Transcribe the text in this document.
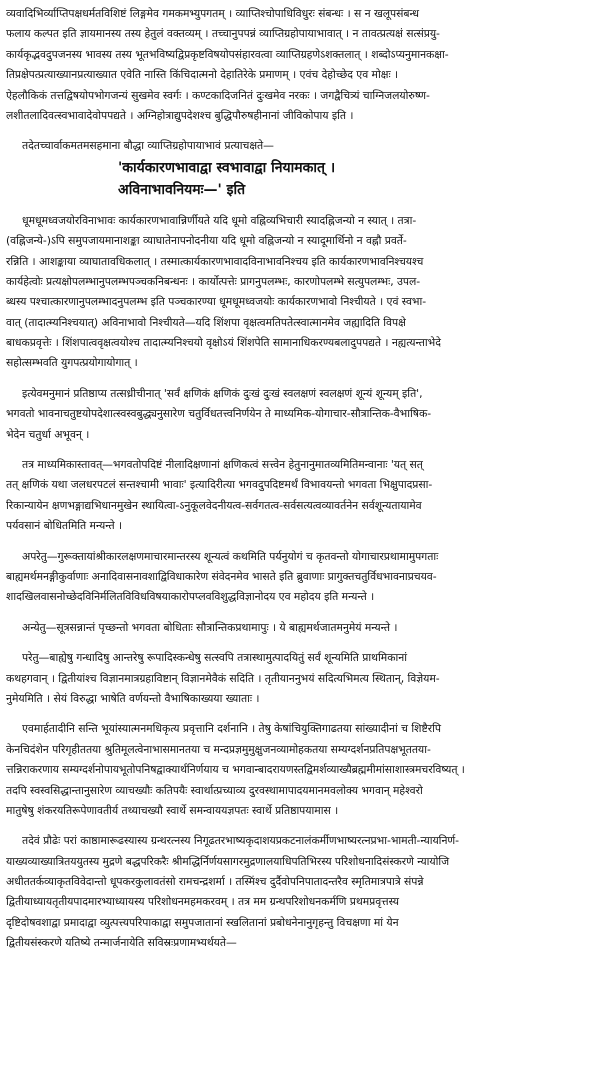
व्यवादिभिर्व्याप्तिपक्षधर्मतविशिष्टं लिङ्गमेव गमकमभ्युपगतम् । व्याप्तिश्चोपाधिविधुरः संबन्धः । स न खलूपसंबन्ध
फलाय कल्पत इति ज्ञायमानस्य तस्य हेतुलं वक्तव्यम् । तच्चानुपपन्नं व्याप्तिग्रहोपायाभावात् । न तावत्प्रत्यक्षं सत्संप्रयु-
कार्यकृद्भवदुपजनस्य भावस्य तस्य भूतभविष्यद्विप्रकृष्टविषयोपसंहारवत्वा व्याप्तिग्रहणेऽशक्तलात् । शब्दोऽप्यनुमानकक्षा-
तिप्रक्षेपत्प्रत्याख्यानप्रत्याख्यात एवेति नास्ति किंचिदात्मनो देहातिरेके प्रमाणम् । एवंच देहोच्छेद एव मोक्षः ।
ऐहलौकिकं तत्तद्विषयोपभोगजन्यं सुखमेव स्वर्गः । कण्टकादिजनितं दुःखमेव नरकः । जगद्वैचित्र्यं चाग्निजलयोरुष्ण-
लशीतलादिवत्स्वभावादेवोपपद्यते । अग्निहोत्राद्युपदेशश्च बुद्धिपौरुषहीनानां जीविकोपाय इति ।
तदेतच्चार्वाकमतमसहमाना बौद्धा व्याप्तिग्रहोपायाभावं प्रत्याचक्षते—
'कार्यकारणभावाद्वा स्वभावाद्वा नियामकात् ।
अविनाभावनियमः—' इति
धूमधूमध्वजयोरविनाभावः कार्यकारणभावान्निर्णीयते यदि धूमो वह्निव्यभिचारी स्यादह्निजन्यो न स्यात् । तत्रा-
(वह्निजन्ये-)ऽपि समुपजायमानाशङ्का व्याघातेनापनोदनीया यदि धूमो वह्निजन्यो न स्यादूमार्थिनो न वह्नौ प्रवर्ते-
रन्निति । आशङ्काया व्याघातावधिकलात् । तस्मात्कार्यकारणभावादविनाभावनिश्चय इति कार्यकारणभावनिश्चयश्च
कार्यहेत्वोः प्रत्यक्षोपलम्भानुपलम्भपञ्चकनिबन्धनः । कार्योत्पत्तेः प्रागनुपलम्भः, कारणोपलम्भे सत्युपलम्भः, उपल-
ब्धस्य पश्चात्कारणानुपलम्भादनुपलम्भ इति पञ्चकारण्या धूमधूमध्वजयोः कार्यकारणभावो निश्चीयते । एवं स्वभा-
वात् (तादात्म्यनिश्चयात्) अविनाभावो निश्चीयते—यदि शिंशपा वृक्षत्वमतिपतेत्स्वात्मानमेव जह्यादिति विपक्षे
बाधकप्रवृत्तेः । शिंशपात्ववृक्षत्वयोश्च तादात्म्यनिश्चयो वृक्षोऽयं शिंशपेति सामानाधिकरण्यबलादुपपद्यते । नह्यत्यन्ताभेदे
सहोत्सम्भवति युगपत्प्रयोगायोगात् ।
इत्येवमनुमानं प्रतिष्ठाप्य तत्सध्रीचीनात् 'सर्वं क्षणिकं क्षणिकं दुःखं दुःखं स्वलक्षणं स्वलक्षणं शून्यं शून्यम् इति',
भगवतो भावनाचतुष्टयोपदेशात्स्वस्वबुद्ध्यनुसारेण चतुर्विधतत्त्वनिर्णयेन ते माध्यमिक-योगाचार-सौत्रान्तिक-वैभाषिक-
भेदेन चतुर्धा अभूवन् ।
तत्र माध्यमिकास्तावत्—भगवतोपदिष्टं नीलादिक्षणानां क्षणिकत्वं सत्त्वेन हेतुनानुमातव्यमितिमन्वानाः 'यत् सत्
तत् क्षणिकं यथा जलधरपटलं सन्तश्चामी भावाः' इत्यादिरीत्या भगवदुपदिष्टमर्थं विभावयन्तो भगवता भिक्षुपादप्रसा-
रिकान्यायेन क्षणभङ्गाद्यभिधानमुखेन स्थायित्वा-ऽनुकूलवेदनीयत्व-सर्वगतत्व-सर्वसत्यत्वव्यावर्तनेन सर्वशून्यतायामेव
पर्यवसानं बोधितमिति मन्यन्ते ।
अपरेतु—गुरूक्तायांश्रीकारलक्षणमाचारमान्तरस्य शून्यत्वं कथमिति पर्यनुयोगं च कृतवन्तो योगाचारप्रथामामुपगताः
बाह्यमर्थमनङ्गीकुर्वाणाः अनादिवासनावशाद्विविधाकारेण संवेदनमेव भासते इति ब्रुवाणाः प्रागुक्तचतुर्विधभावनाप्रचयव-
शादखिलवासनोच्छेदविनिर्मलितविविधविषयाकारोपप्लवविशुद्धविज्ञानोदय एव महोदय इति मन्यन्ते ।
अन्येतु—सूत्रसन्नान्तं पृच्छन्तो भगवता बोधिताः सौत्रान्तिकप्रथामापुः । ये बाह्यमर्थजातमनुमेयं मन्यन्ते ।
परेतु—बाह्येषु गन्धादिषु आन्तरेषु रूपादिस्कन्धेषु सत्स्वपि तत्रास्थामुत्पादयितुं सर्वं शून्यमिति प्राथमिकानां
कथहगवान् । द्वितीयांश्च विज्ञानमात्रग्रहाविष्टान् विज्ञानमेवैकं सदिति । तृतीयाननुभयं सदित्यभिमत्य स्थितान्, विज्ञेयम-
नुमेयमिति । सेयं विरुद्धा भाषेति वर्णयन्तो वैभाषिकाख्यया ख्याताः ।
एवमार्हतादीनि सन्ति भूयांस्यात्मनमधिकृत्य प्रवृत्तानि दर्शनानि । तेषु केषांचियुक्तिगाढतया सांख्यादीनां च शिष्टैरपि
केनचिदंशेन परिगृहीततया श्रुतिमूलत्वेनाभासमानतया च मन्दप्रज्ञमुमुक्षुजनव्यामोहकतया सम्यग्दर्शनप्रतिपक्षभूततया-
त्तन्निराकरणाय सम्यग्दर्शनोपायभूतोपनिषद्वाक्यार्थनिर्णयाय च भगवान्बादरायणस्तद्विमर्शव्याख्यैब्रह्ममीमांसाशास्त्रमचरविष्यत् ।
तदपि स्वस्वसिद्धान्तानुसारेण व्याचख्यौः कतिपयैः स्वार्थात्प्रच्याव्य दुरवस्थामापादयमानमवलोक्य भगवान् महेश्वरो
मातुषेषु शंकरयतिरूपेणावतीर्य तथ्याचख्यौ स्वार्थे समन्वाययज्ञपतः स्वार्थे प्रतिष्ठापयामास ।
तदेवं प्रौढेः परां काष्ठामारूढस्यास्य ग्रन्थरत्नस्य निगूढतरभाष्यकृदाशयप्रकटनालंकर्मीणभाष्यरत्नप्रभा-भामती-न्यायनिर्ण-
याख्यव्याख्यात्रितययुतस्य मुद्रणे बद्धपरिकरैः श्रीमद्धिर्निर्णयसागरमुद्रणालयाधिपतिभिरस्य परिशोधनादिसंस्करणे न्यायोजि
अधीततर्कव्याकृतविवेदान्तो धूपकरकुलावतंसो रामचन्द्रशर्मा । तस्मिंश्च दुर्दैवोपनिपातादन्तरैव स्मृतिमात्रपात्रे संपन्ने
द्वितीयाध्यायतृतीयपादमारभ्याध्यायस्य परिशोधनमहमकरवम् । तत्र मम ग्रन्थपरिशोधनकर्मणि प्रथमप्रवृत्तस्य
दृष्टिदोषवशाद्वा प्रमादाद्वा व्युत्पत्त्यपरिपाकाद्वा समुपजातानां स्खलितानां प्रबोधनेनानुगृहन्तु विचक्षणा मां येन
द्वितीयसंस्करणे यतिष्ये तन्मार्जनायेति सविस्रःप्रणामभ्यर्थयते—
